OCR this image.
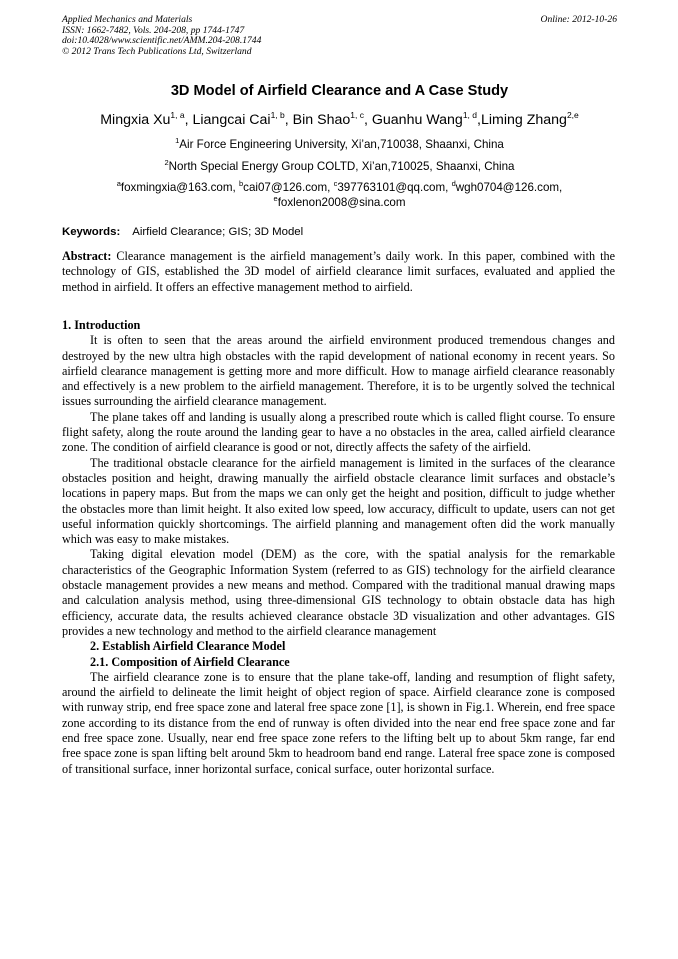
Applied Mechanics and Materials
ISSN: 1662-7482, Vols. 204-208, pp 1744-1747
doi:10.4028/www.scientific.net/AMM.204-208.1744
© 2012 Trans Tech Publications Ltd, Switzerland
Online: 2012-10-26
3D Model of Airfield Clearance and A Case Study
Mingxia Xu$^{1, a}$, Liangcai Cai$^{1, b}$, Bin Shao$^{1, c}$, Guanhu Wang$^{1, d}$,Liming Zhang$^{2,e}$
$^1$Air Force Engineering University, Xi’an,710038, Shaanxi, China
$^2$North Special Energy Group COLTD, Xi’an,710025, Shaanxi, China
$^a$foxmingxia@163.com, $^b$cai07@126.com, $^c$397763101@qq.com, $^d$wgh0704@126.com,
$^e$foxlenon2008@sina.com
Keywords: Airfield Clearance; GIS; 3D Model

Abstract: Clearance management is the airfield management’s daily work. In this paper, combined with the technology of GIS, established the 3D model of airfield clearance limit surfaces, evaluated and applied the method in airfield. It offers an effective management method to airfield.

1. Introduction

It is often to seen that the areas around the airfield environment produced tremendous changes and destroyed by the new ultra high obstacles with the rapid development of national economy in recent years. So airfield clearance management is getting more and more difficult. How to manage airfield clearance reasonably and effectively is a new problem to the airfield management. Therefore, it is to be urgently solved the technical issues surrounding the airfield clearance management.

The plane takes off and landing is usually along a prescribed route which is called flight course. To ensure flight safety, along the route around the landing gear to have a no obstacles in the area, called airfield clearance zone. The condition of airfield clearance is good or not, directly affects the safety of the airfield.

The traditional obstacle clearance for the airfield management is limited in the surfaces of the clearance obstacles position and height, drawing manually the airfield obstacle clearance limit surfaces and obstacle’s locations in papery maps. But from the maps we can only get the height and position, difficult to judge whether the obstacles more than limit height. It also exited low speed, low accuracy, difficult to update, users can not get useful information quickly shortcomings. The airfield planning and management often did the work manually which was easy to make mistakes.

Taking digital elevation model (DEM) as the core, with the spatial analysis for the remarkable characteristics of the Geographic Information System (referred to as GIS) technology for the airfield clearance obstacle management provides a new means and method. Compared with the traditional manual drawing maps and calculation analysis method, using three-dimensional GIS technology to obtain obstacle data has high efficiency, accurate data, the results achieved clearance obstacle 3D visualization and other advantages. GIS provides a new technology and method to the airfield clearance management

2. Establish Airfield Clearance Model

2.1. Composition of Airfield Clearance

The airfield clearance zone is to ensure that the plane take-off, landing and resumption of flight safety, around the airfield to delineate the limit height of object region of space. Airfield clearance zone is composed with runway strip, end free space zone and lateral free space zone [1], is shown in Fig.1. Wherein, end free space zone according to its distance from the end of runway is often divided into the near end free space zone and far end free space zone. Usually, near end free space zone refers to the lifting belt up to about 5km range, far end free space zone is span lifting belt around 5km to headroom band end range. Lateral free space zone is composed of transitional surface, inner horizontal surface, conical surface, outer horizontal surface.
